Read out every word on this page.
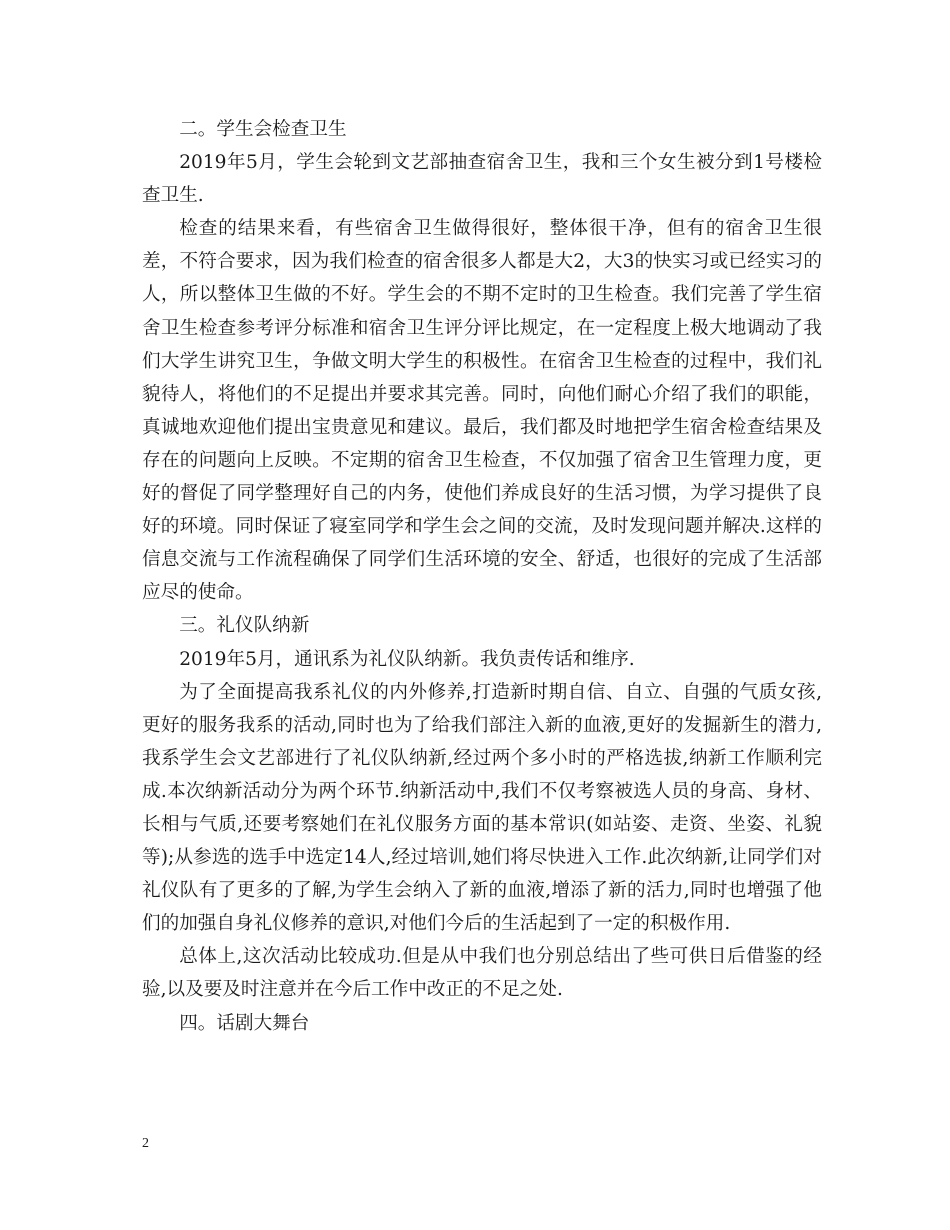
二。学生会检查卫生

2019年5月，学生会轮到文艺部抽查宿舍卫生，我和三个女生被分到1号楼检查卫生.

检查的结果来看，有些宿舍卫生做得很好，整体很干净，但有的宿舍卫生很差，不符合要求，因为我们检查的宿舍很多人都是大2，大3的快实习或已经实习的人，所以整体卫生做的不好。学生会的不期不定时的卫生检查。我们完善了学生宿舍卫生检查参考评分标准和宿舍卫生评分评比规定，在一定程度上极大地调动了我们大学生讲究卫生，争做文明大学生的积极性。在宿舍卫生检查的过程中，我们礼貌待人，将他们的不足提出并要求其完善。同时，向他们耐心介绍了我们的职能，真诚地欢迎他们提出宝贵意见和建议。最后，我们都及时地把学生宿舍检查结果及存在的问题向上反映。不定期的宿舍卫生检查，不仅加强了宿舍卫生管理力度，更好的督促了同学整理好自己的内务，使他们养成良好的生活习惯，为学习提供了良好的环境。同时保证了寝室同学和学生会之间的交流，及时发现问题并解决.这样的信息交流与工作流程确保了同学们生活环境的安全、舒适，也很好的完成了生活部应尽的使命。

三。礼仪队纳新

2019年5月，通讯系为礼仪队纳新。我负责传话和维序.

为了全面提高我系礼仪的内外修养,打造新时期自信、自立、自强的气质女孩,更好的服务我系的活动,同时也为了给我们部注入新的血液,更好的发掘新生的潜力,我系学生会文艺部进行了礼仪队纳新,经过两个多小时的严格选拔,纳新工作顺利完成.本次纳新活动分为两个环节.纳新活动中,我们不仅考察被选人员的身高、身材、长相与气质,还要考察她们在礼仪服务方面的基本常识(如站姿、走资、坐姿、礼貌等);从参选的选手中选定14人,经过培训,她们将尽快进入工作.此次纳新,让同学们对礼仪队有了更多的了解,为学生会纳入了新的血液,增添了新的活力,同时也增强了他们的加强自身礼仪修养的意识,对他们今后的生活起到了一定的积极作用.

总体上,这次活动比较成功.但是从中我们也分别总结出了些可供日后借鉴的经验,以及要及时注意并在今后工作中改正的不足之处.

四。话剧大舞台

2
